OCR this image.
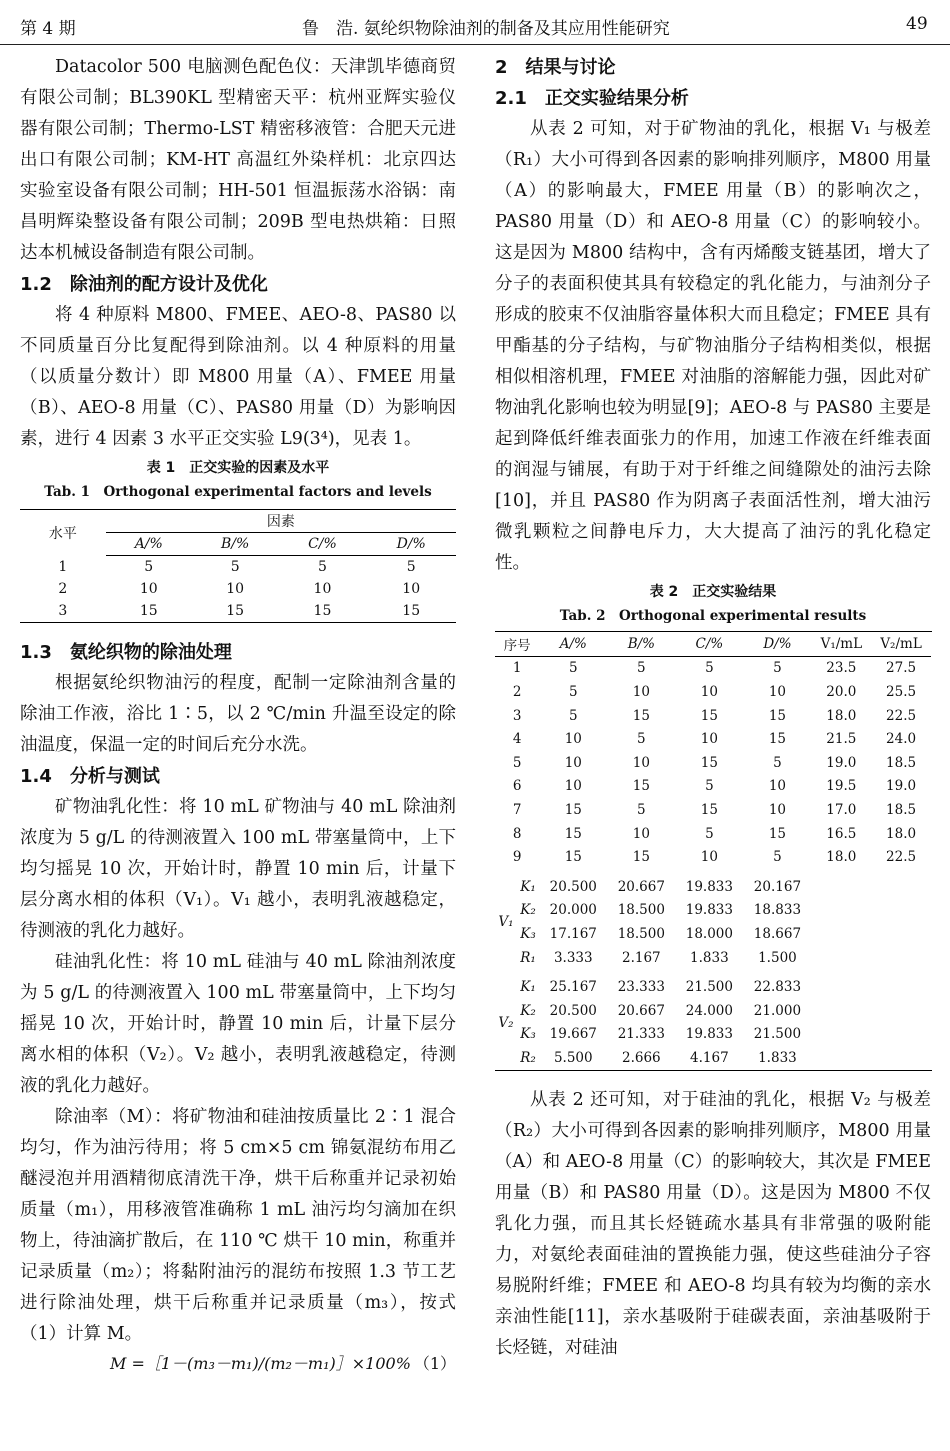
第 4 期	鲁　浩. 氨纶织物除油剂的制备及其应用性能研究	49

Datacolor 500 电脑测色配色仪：天津凯毕德商贸有限公司制；BL390KL 型精密天平：杭州亚辉实验仪器有限公司制；Thermo-LST 精密移液管：合肥天元进出口有限公司制；KM-HT 高温红外染样机：北京四达实验室设备有限公司制；HH-501 恒温振荡水浴锅：南昌明辉染整设备有限公司制；209B 型电热烘箱：日照达本机械设备制造有限公司制。

1.2　除油剂的配方设计及优化

将 4 种原料 M800、FMEE、AEO-8、PAS80 以不同质量百分比复配得到除油剂。以 4 种原料的用量（以质量分数计）即 M800 用量（A）、FMEE 用量（B）、AEO-8 用量（C）、PAS80 用量（D）为影响因素，进行 4 因素 3 水平正交实验 L9(3⁴)，见表 1。

表 1　正交实验的因素及水平
Tab. 1　Orthogonal experimental factors and levels
水平	因素			
	A/%	B/%	C/%	D/%
1	5	5	5	5
2	10	10	10	10
3	15	15	15	15
1.3　氨纶织物的除油处理

根据氨纶织物油污的程度，配制一定除油剂含量的除油工作液，浴比 1∶5，以 2 ℃/min 升温至设定的除油温度，保温一定的时间后充分水洗。

1.4　分析与测试

矿物油乳化性：将 10 mL 矿物油与 40 mL 除油剂浓度为 5 g/L 的待测液置入 100 mL 带塞量筒中，上下均匀摇晃 10 次，开始计时，静置 10 min 后，计量下层分离水相的体积（V₁）。V₁ 越小，表明乳液越稳定，待测液的乳化力越好。

硅油乳化性：将 10 mL 硅油与 40 mL 除油剂浓度为 5 g/L 的待测液置入 100 mL 带塞量筒中，上下均匀摇晃 10 次，开始计时，静置 10 min 后，计量下层分离水相的体积（V₂）。V₂ 越小，表明乳液越稳定，待测液的乳化力越好。

除油率（M）：将矿物油和硅油按质量比 2∶1 混合均匀，作为油污待用；将 5 cm×5 cm 锦氨混纺布用乙醚浸泡并用酒精彻底清洗干净，烘干后称重并记录初始质量（m₁），用移液管准确称 1 mL 油污均匀滴加在织物上，待油滴扩散后，在 110 ℃ 烘干 10 min，称重并记录质量（m₂）；将黏附油污的混纺布按照 1.3 节工艺进行除油处理，烘干后称重并记录质量（m₃），按式（1）计算 M。

M =［1－(m₃－m₁)/(m₂－m₁)］×100% （1）
2　结果与讨论
2.1　正交实验结果分析

从表 2 可知，对于矿物油的乳化，根据 V₁ 与极差（R₁）大小可得到各因素的影响排列顺序，M800 用量（A）的影响最大，FMEE 用量（B）的影响次之，PAS80 用量（D）和 AEO-8 用量（C）的影响较小。这是因为 M800 结构中，含有丙烯酸支链基团，增大了分子的表面积使其具有较稳定的乳化能力，与油剂分子形成的胶束不仅油脂容量体积大而且稳定；FMEE 具有甲酯基的分子结构，与矿物油脂分子结构相类似，根据相似相溶机理，FMEE 对油脂的溶解能力强，因此对矿物油乳化影响也较为明显[9]；AEO-8 与 PAS80 主要是起到降低纤维表面张力的作用，加速工作液在纤维表面的润湿与铺展，有助于对于纤维之间缝隙处的油污去除[10]，并且 PAS80 作为阴离子表面活性剂，增大油污微乳颗粒之间静电斥力，大大提高了油污的乳化稳定性。

表 2　正交实验结果
Tab. 2　Orthogonal experimental results
序号		A/%	B/%	C/%	D/%	V₁/mL	V₂/mL	
1		5	5	5	5	23.5	27.5	
2		5	10	10	10	20.0	25.5	
3		5	15	15	15	18.0	22.5	
4		10	5	10	15	21.5	24.0	
5		10	10	15	5	19.0	18.5	
6		10	15	5	10	19.5	19.0	
7		15	5	15	10	17.0	18.5	
8		15	10	5	15	16.5	18.0	
9		15	15	10	5	18.0	22.5	
V₁	K₁	20.500	20.667	19.833	20.167			
	K₂	20.000	18.500	19.833	18.833			
	K₃	17.167	18.500	18.000	18.667			
	R₁	3.333	2.167	1.833	1.500			
V₂	K₁	25.167	23.333	21.500	22.833			
	K₂	20.500	20.667	24.000	21.000			
	K₃	19.667	21.333	19.833	21.500			
	R₂	5.500	2.666	4.167	1.833			

从表 2 还可知，对于硅油的乳化，根据 V₂ 与极差（R₂）大小可得到各因素的影响排列顺序，M800 用量（A）和 AEO-8 用量（C）的影响较大，其次是 FMEE 用量（B）和 PAS80 用量（D）。这是因为 M800 不仅乳化力强，而且其长烃链疏水基具有非常强的吸附能力，对氨纶表面硅油的置换能力强，使这些硅油分子容易脱附纤维；FMEE 和 AEO-8 均具有较为均衡的亲水亲油性能[11]，亲水基吸附于硅碳表面，亲油基吸附于长烃链，对硅油
